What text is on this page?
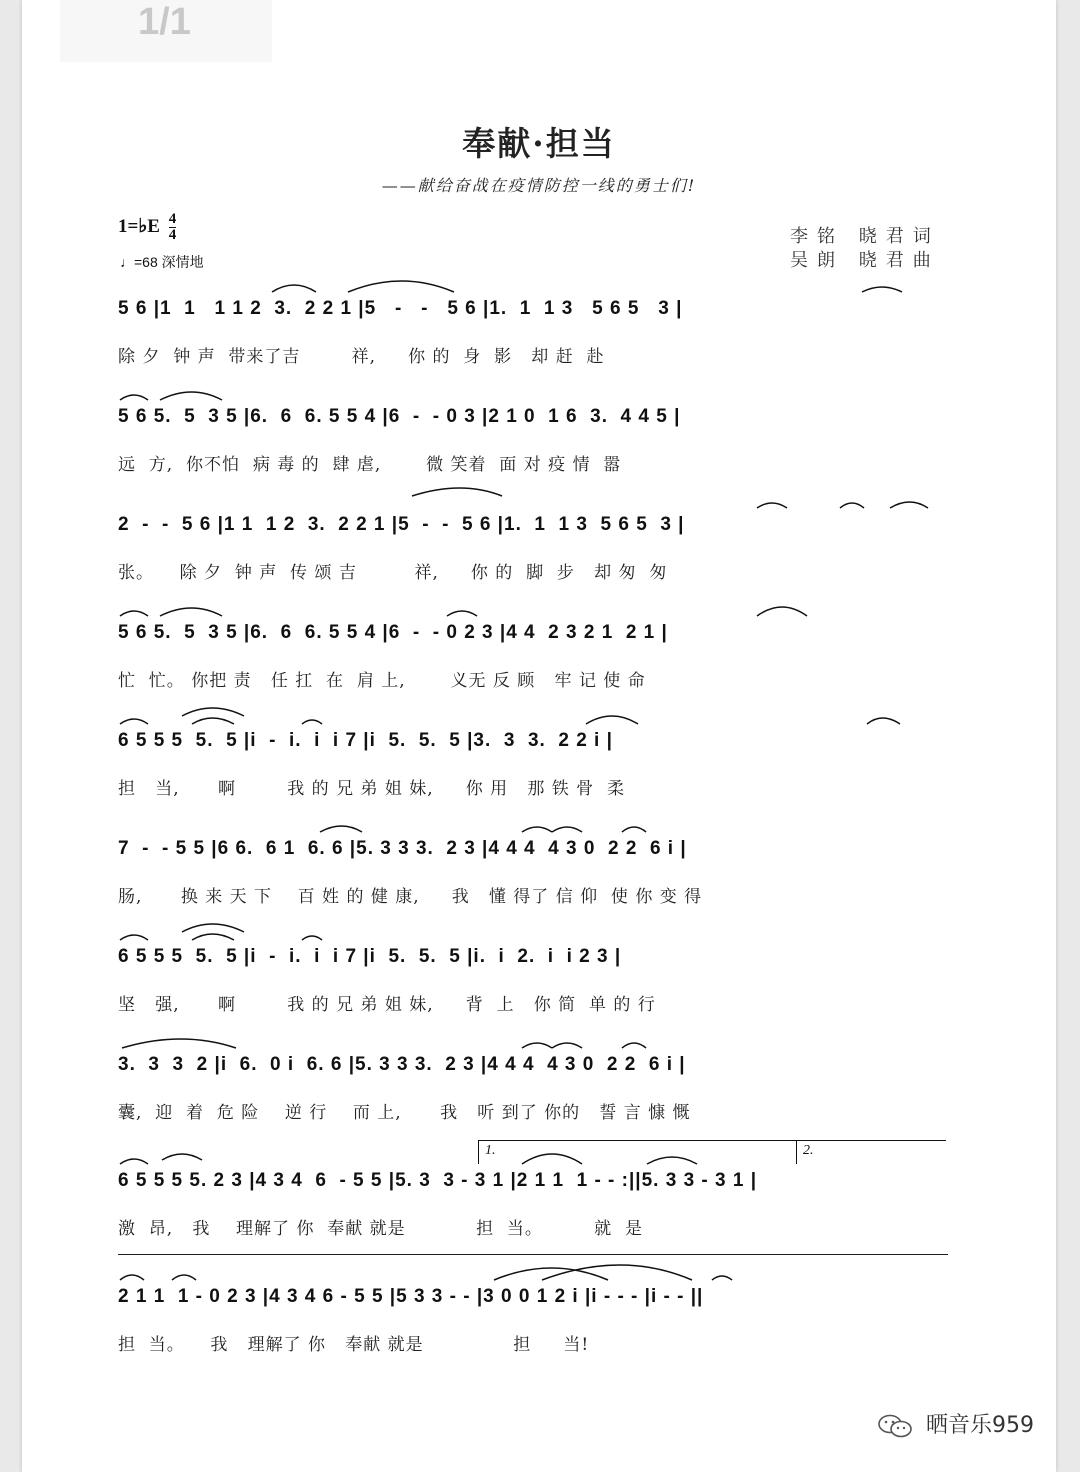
奉献·担当
——献给奋战在疫情防控一线的勇士们!
1=♭E $\frac{4}{4}$
♩=68 深情地
李铭 晓君词
吴朗 晓君曲
5 6 |1  1   1 1 2  3.  2 2 1 |5   -   -   5 6 |1.  1  1 3   5 6 5   3 |
除 夕  钟 声  带来了吉        祥,     你 的  身  影   却 赶  赴
5 6 5.  5  3 5 |6.  6  6. 5 5 4 |6  -  - 0 3 |2 1 0  1 6  3.  4 4 5 |
远  方,  你不怕  病 毒 的  肆 虐,       微 笑着  面 对 疫 情  嚣
2  -  -  5 6 |1 1  1 2  3.  2 2 1 |5  -  -  5 6 |1.  1  1 3  5 6 5  3 |
张。    除 夕  钟 声  传 颂 吉         祥,     你 的  脚  步   却 匆  匆
5 6 5.  5  3 5 |6.  6  6. 5 5 4 |6  -  - 0 2 3 |4 4  2 3 2 1  2 1 |
忙  忙。 你把 责   任 扛  在  肩 上,       义无 反 顾   牢 记 使 命
6 5 5 5  5.  5 |i  -  i.  i  i 7 |i  5.  5.  5 |3.  3  3.  2 2 i |
担   当,      啊        我 的 兄 弟 姐 妹,     你 用   那 铁 骨  柔
7  -  - 5 5 |6 6.  6 1  6. 6 |5. 3 3 3.  2 3 |4 4 4  4 3 0  2 2  6 i |
肠,      换 来 天 下    百 姓 的 健 康,     我   懂 得了 信 仰  使 你 变 得
6 5 5 5  5.  5 |i  -  i.  i  i 7 |i  5.  5.  5 |i.  i  2.  i  i 2 3 |
坚   强,      啊        我 的 兄 弟 姐 妹,     背  上   你 简  单 的 行
3.  3  3  2 |i  6.  0 i  6. 6 |5. 3 3 3.  2 3 |4 4 4  4 3 0  2 2  6 i |
囊,  迎  着  危 险    逆 行    而 上,      我   听 到了 你的   誓 言 慷 慨
1.	2.
6 5 5 5 5. 2 3 |4 3 4  6  - 5 5 |5. 3  3 - 3 1 |2 1 1  1 - - :||5. 3 3 - 3 1 |
激  昂,   我    理解了 你  奉献 就是           担  当。        就  是
2 1 1  1 - 0 2 3 |4 3 4 6 - 5 5 |5 3 3 - - |3 0 0 1 2 i |i - - - |i - - ||
担  当。    我   理解了 你   奉献 就是              担     当!
晒音乐959
1/1
